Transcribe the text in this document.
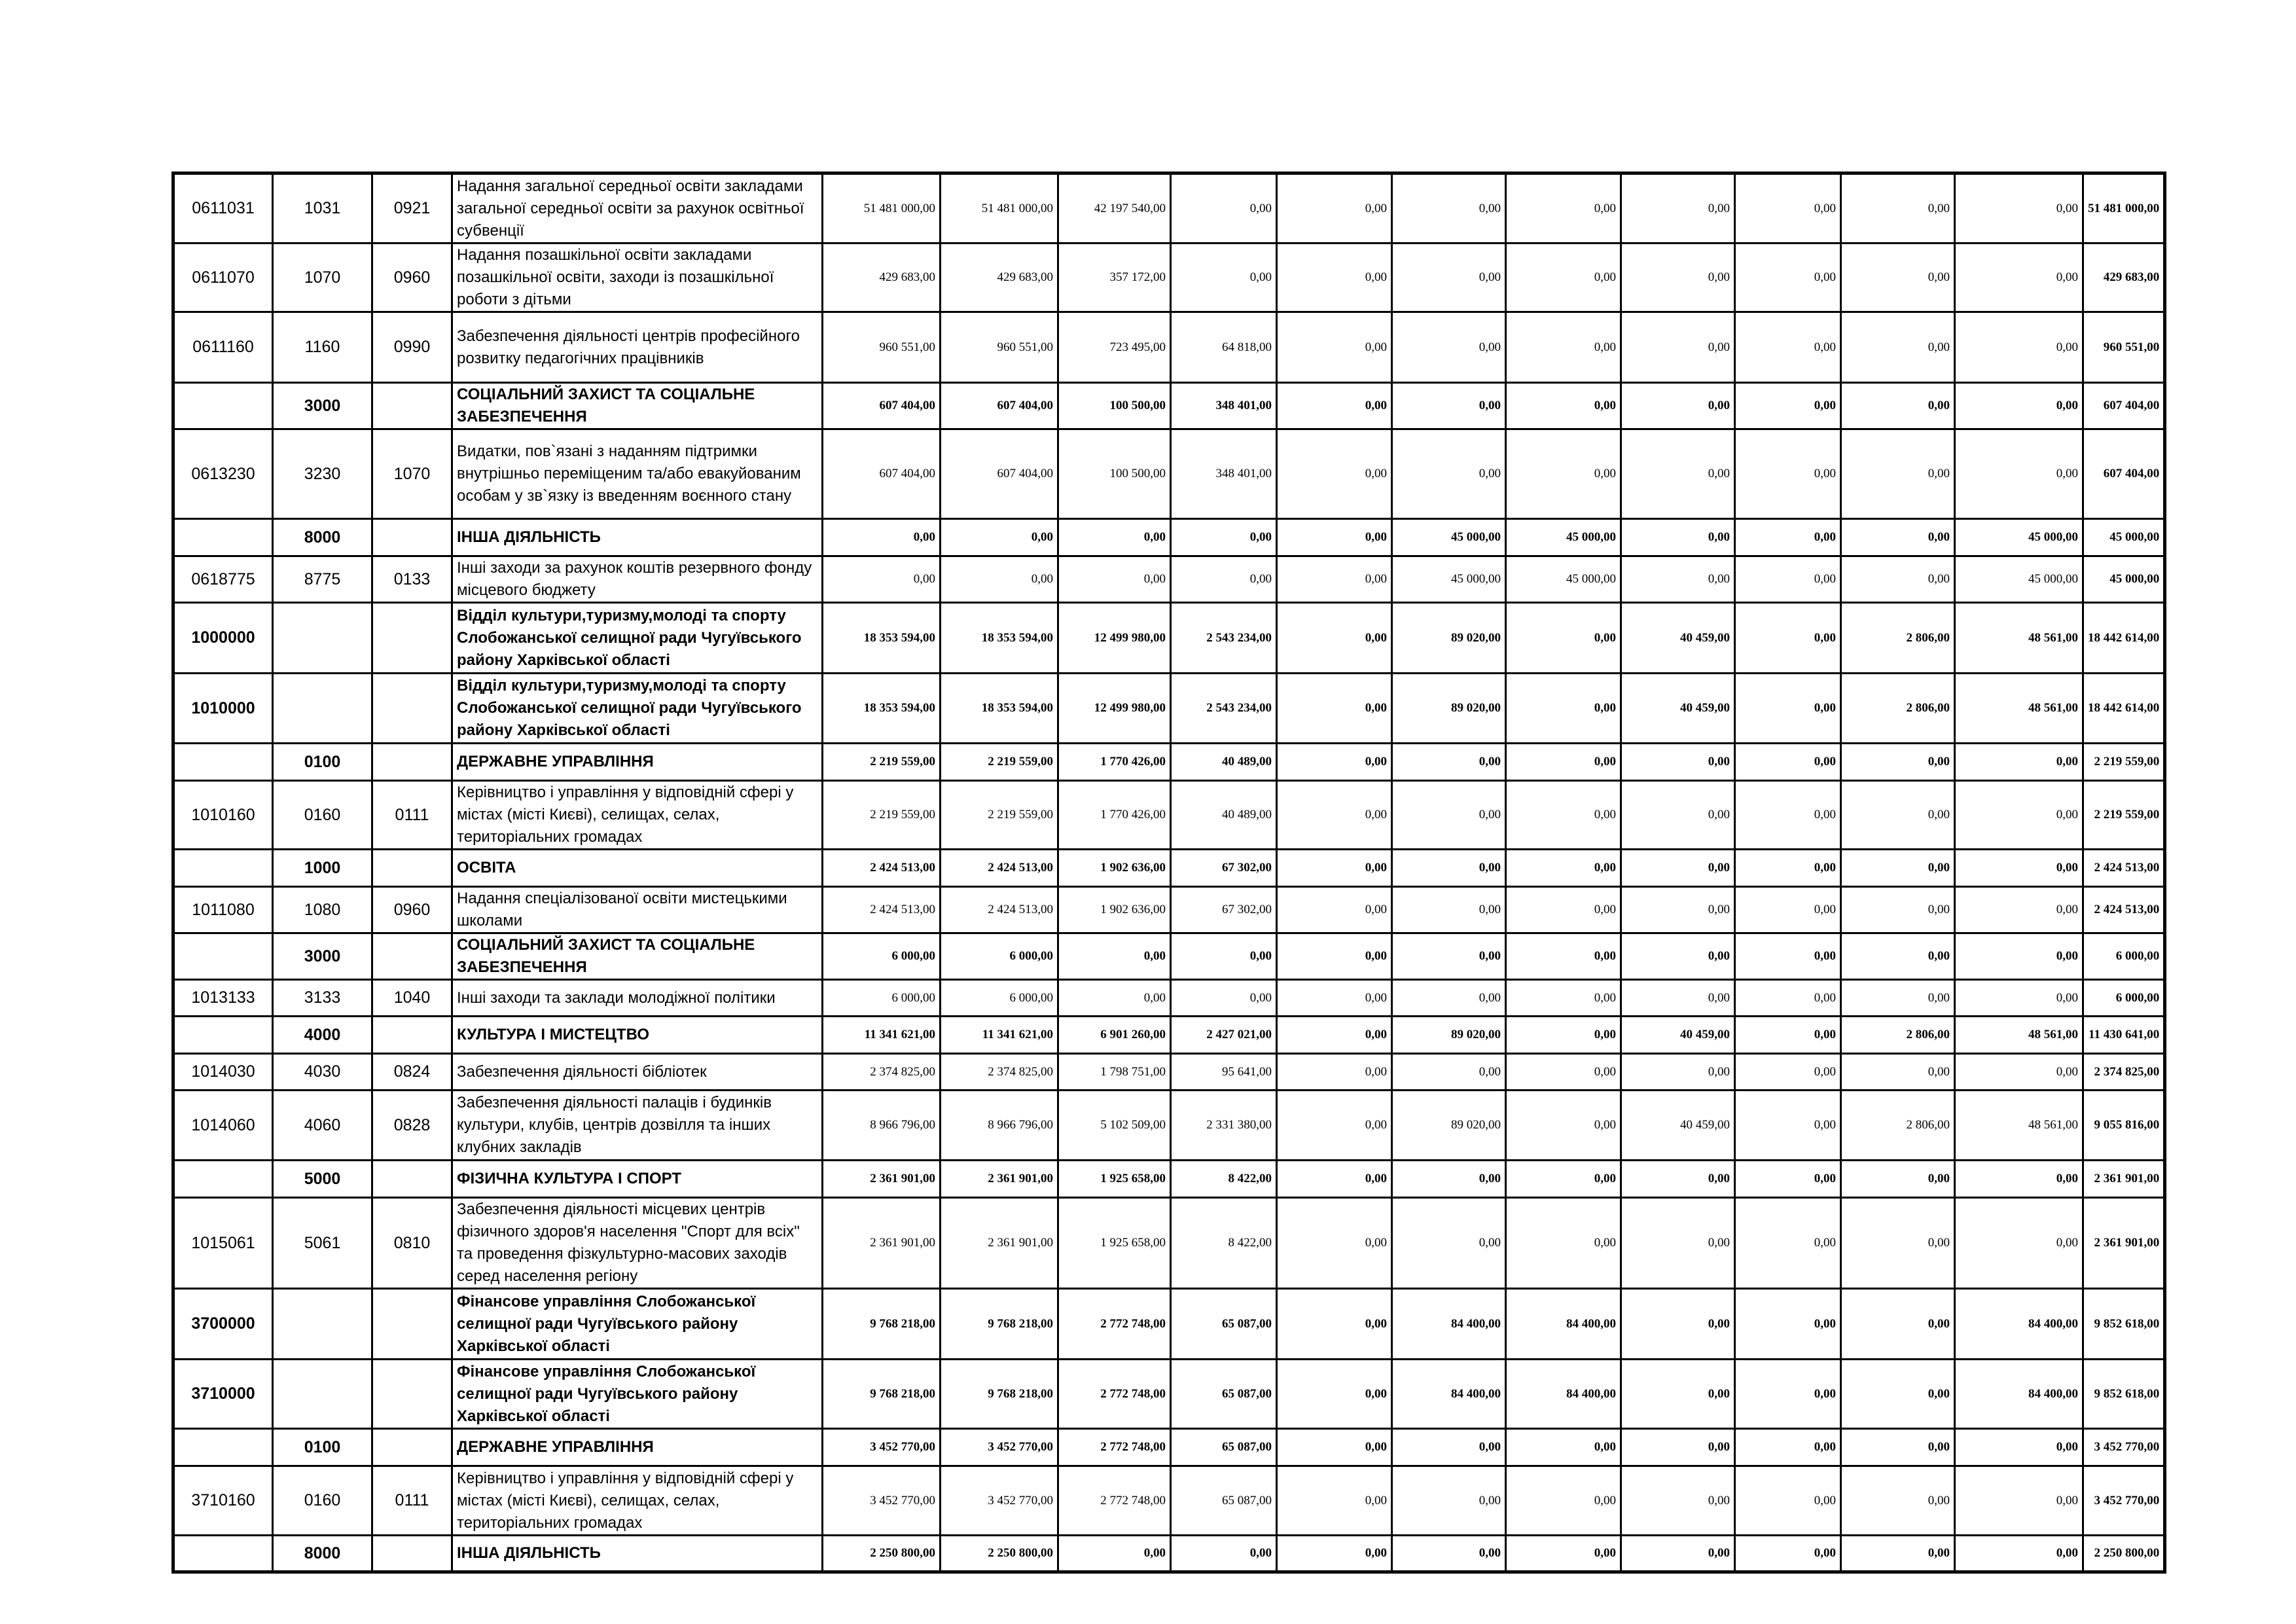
0611031	1031	0921	Надання загальної середньої освіти закладами загальної середньої освіти за рахунок освітньої субвенції	51 481 000,00	51 481 000,00	42 197 540,00	0,00	0,00	0,00	0,00	0,00	0,00	0,00	0,00	51 481 000,00
0611070	1070	0960	Надання позашкільної освіти закладами позашкільної освіти, заходи із позашкільної роботи з дітьми	429 683,00	429 683,00	357 172,00	0,00	0,00	0,00	0,00	0,00	0,00	0,00	0,00	429 683,00
0611160	1160	0990	Забезпечення діяльності центрів професійного розвитку педагогічних працівників	960 551,00	960 551,00	723 495,00	64 818,00	0,00	0,00	0,00	0,00	0,00	0,00	0,00	960 551,00
	3000		СОЦІАЛЬНИЙ ЗАХИСТ ТА СОЦІАЛЬНЕ ЗАБЕЗПЕЧЕННЯ	607 404,00	607 404,00	100 500,00	348 401,00	0,00	0,00	0,00	0,00	0,00	0,00	0,00	607 404,00
0613230	3230	1070	Видатки, пов`язані з наданням підтримки внутрішньо переміщеним та/або евакуйованим особам у зв`язку із введенням воєнного стану	607 404,00	607 404,00	100 500,00	348 401,00	0,00	0,00	0,00	0,00	0,00	0,00	0,00	607 404,00
	8000		ІНША ДІЯЛЬНІСТЬ	0,00	0,00	0,00	0,00	0,00	45 000,00	45 000,00	0,00	0,00	0,00	45 000,00	45 000,00
0618775	8775	0133	Інші заходи за рахунок коштів резервного фонду місцевого бюджету	0,00	0,00	0,00	0,00	0,00	45 000,00	45 000,00	0,00	0,00	0,00	45 000,00	45 000,00
1000000			Відділ культури,туризму,молоді та спорту Слобожанської селищної ради Чугуївського району Харківської області	18 353 594,00	18 353 594,00	12 499 980,00	2 543 234,00	0,00	89 020,00	0,00	40 459,00	0,00	2 806,00	48 561,00	18 442 614,00
1010000			Відділ культури,туризму,молоді та спорту Слобожанської селищної ради Чугуївського району Харківської області	18 353 594,00	18 353 594,00	12 499 980,00	2 543 234,00	0,00	89 020,00	0,00	40 459,00	0,00	2 806,00	48 561,00	18 442 614,00
	0100		ДЕРЖАВНЕ УПРАВЛІННЯ	2 219 559,00	2 219 559,00	1 770 426,00	40 489,00	0,00	0,00	0,00	0,00	0,00	0,00	0,00	2 219 559,00
1010160	0160	0111	Керівництво і управління у відповідній сфері у містах (місті Києві), селищах, селах, територіальних громадах	2 219 559,00	2 219 559,00	1 770 426,00	40 489,00	0,00	0,00	0,00	0,00	0,00	0,00	0,00	2 219 559,00
	1000		ОСВІТА	2 424 513,00	2 424 513,00	1 902 636,00	67 302,00	0,00	0,00	0,00	0,00	0,00	0,00	0,00	2 424 513,00
1011080	1080	0960	Надання спеціалізованої освіти мистецькими школами	2 424 513,00	2 424 513,00	1 902 636,00	67 302,00	0,00	0,00	0,00	0,00	0,00	0,00	0,00	2 424 513,00
	3000		СОЦІАЛЬНИЙ ЗАХИСТ ТА СОЦІАЛЬНЕ ЗАБЕЗПЕЧЕННЯ	6 000,00	6 000,00	0,00	0,00	0,00	0,00	0,00	0,00	0,00	0,00	0,00	6 000,00
1013133	3133	1040	Інші заходи та заклади молодіжної політики	6 000,00	6 000,00	0,00	0,00	0,00	0,00	0,00	0,00	0,00	0,00	0,00	6 000,00
	4000		КУЛЬТУРА І МИСТЕЦТВО	11 341 621,00	11 341 621,00	6 901 260,00	2 427 021,00	0,00	89 020,00	0,00	40 459,00	0,00	2 806,00	48 561,00	11 430 641,00
1014030	4030	0824	Забезпечення діяльності бібліотек	2 374 825,00	2 374 825,00	1 798 751,00	95 641,00	0,00	0,00	0,00	0,00	0,00	0,00	0,00	2 374 825,00
1014060	4060	0828	Забезпечення діяльності палаців i будинків культури, клубів, центрів дозвілля та iнших клубних закладів	8 966 796,00	8 966 796,00	5 102 509,00	2 331 380,00	0,00	89 020,00	0,00	40 459,00	0,00	2 806,00	48 561,00	9 055 816,00
	5000		ФІЗИЧНА КУЛЬТУРА І СПОРТ	2 361 901,00	2 361 901,00	1 925 658,00	8 422,00	0,00	0,00	0,00	0,00	0,00	0,00	0,00	2 361 901,00
1015061	5061	0810	Забезпечення діяльності місцевих центрів фізичного здоров'я населення "Спорт для всіх" та проведення фізкультурно-масових заходів серед населення регіону	2 361 901,00	2 361 901,00	1 925 658,00	8 422,00	0,00	0,00	0,00	0,00	0,00	0,00	0,00	2 361 901,00
3700000			Фінансове управління Слобожанської селищної ради Чугуївського району Харківської області	9 768 218,00	9 768 218,00	2 772 748,00	65 087,00	0,00	84 400,00	84 400,00	0,00	0,00	0,00	84 400,00	9 852 618,00
3710000			Фінансове управління Слобожанської селищної ради Чугуївського району Харківської області	9 768 218,00	9 768 218,00	2 772 748,00	65 087,00	0,00	84 400,00	84 400,00	0,00	0,00	0,00	84 400,00	9 852 618,00
	0100		ДЕРЖАВНЕ УПРАВЛІННЯ	3 452 770,00	3 452 770,00	2 772 748,00	65 087,00	0,00	0,00	0,00	0,00	0,00	0,00	0,00	3 452 770,00
3710160	0160	0111	Керівництво і управління у відповідній сфері у містах (місті Києві), селищах, селах, територіальних громадах	3 452 770,00	3 452 770,00	2 772 748,00	65 087,00	0,00	0,00	0,00	0,00	0,00	0,00	0,00	3 452 770,00
	8000		ІНША ДІЯЛЬНІСТЬ	2 250 800,00	2 250 800,00	0,00	0,00	0,00	0,00	0,00	0,00	0,00	0,00	0,00	2 250 800,00
